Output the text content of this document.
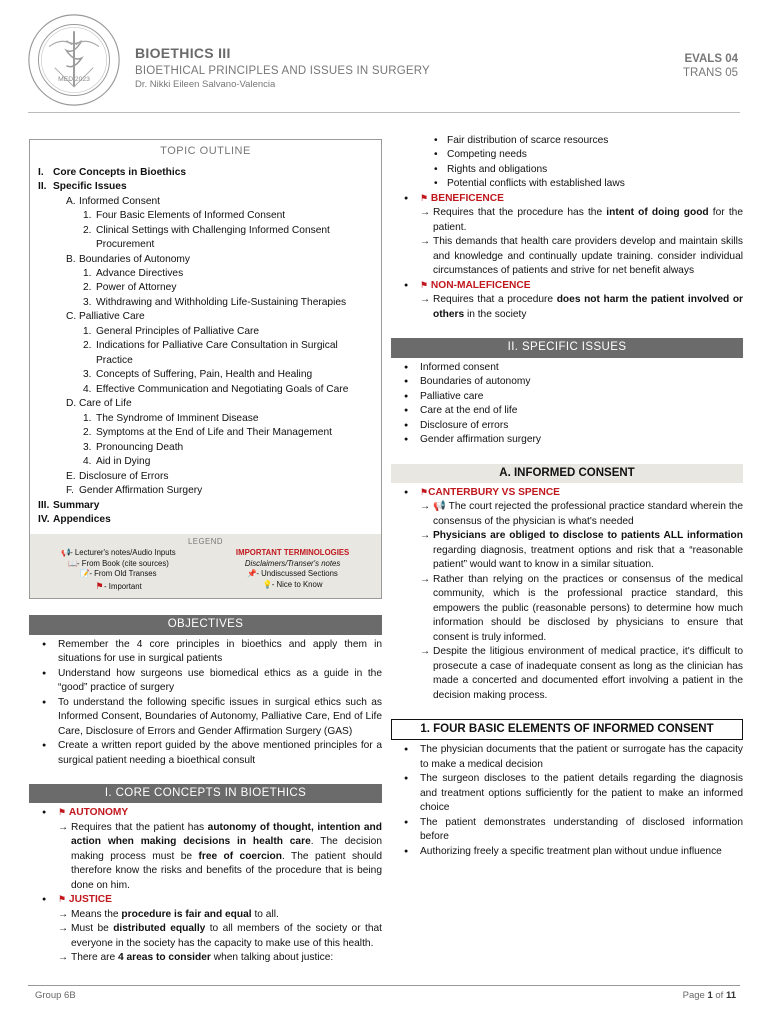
MED 2023
BIOETHICS III
BIOETHICAL PRINCIPLES AND ISSUES IN SURGERY
Dr. Nikki Eileen Salvano-Valencia
EVALS 04
TRANS 05
TOPIC OUTLINE
I. Core Concepts in Bioethics
II. Specific Issues
A. Informed Consent
1. Four Basic Elements of Informed Consent
2. Clinical Settings with Challenging Informed Consent Procurement
B. Boundaries of Autonomy
1. Advance Directives
2. Power of Attorney
3. Withdrawing and Withholding Life-Sustaining Therapies
C. Palliative Care
1. General Principles of Palliative Care
2. Indications for Palliative Care Consultation in Surgical Practice
3. Concepts of Suffering, Pain, Health and Healing
4. Effective Communication and Negotiating Goals of Care
D. Care of Life
1. The Syndrome of Imminent Disease
2. Symptoms at the End of Life and Their Management
3. Pronouncing Death
4. Aid in Dying
E. Disclosure of Errors
F. Gender Affirmation Surgery
III. Summary
IV. Appendices
LEGEND
📢- Lecturer's notes/Audio Inputs
📖- From Book (cite sources)
📝- From Old Transes
⚑- Important
IMPORTANT TERMINOLOGIES
Disclaimers/Transer's notes
📌- Undiscussed Sections
💡- Nice to Know
OBJECTIVES
● Remember the 4 core principles in bioethics and apply them in situations for use in surgical patients
● Understand how surgeons use biomedical ethics as a guide in the “good” practice of surgery
● To understand the following specific issues in surgical ethics such as Informed Consent, Boundaries of Autonomy, Palliative Care, End of Life Care, Disclosure of Errors and Gender Affirmation Surgery (GAS)
● Create a written report guided by the above mentioned principles for a surgical patient needing a bioethical consult
I. CORE CONCEPTS IN BIOETHICS
● ⚑ AUTONOMY
→ Requires that the patient has autonomy of thought, intention and action when making decisions in health care. The decision making process must be free of coercion. The patient should therefore know the risks and benefits of the procedure that is being done on him.
● ⚑ JUSTICE
→ Means the procedure is fair and equal to all.
→ Must be distributed equally to all members of the society or that everyone in the society has the capacity to make use of this health.
→ There are 4 areas to consider when talking about justice:
• Fair distribution of scarce resources
• Competing needs
• Rights and obligations
• Potential conflicts with established laws
● ⚑ BENEFICENCE
→ Requires that the procedure has the intent of doing good for the patient.
→ This demands that health care providers develop and maintain skills and knowledge and continually update training. consider individual circumstances of patients and strive for net benefit always
● ⚑ NON-MALEFICENCE
→ Requires that a procedure does not harm the patient involved or others in the society
II. SPECIFIC ISSUES
● Informed consent
● Boundaries of autonomy
● Palliative care
● Care at the end of life
● Disclosure of errors
● Gender affirmation surgery
A. INFORMED CONSENT
● ⚑CANTERBURY VS SPENCE
→ 📢 The court rejected the professional practice standard wherein the consensus of the physician is what's needed
→ Physicians are obliged to disclose to patients ALL information regarding diagnosis, treatment options and risk that a “reasonable patient” would want to know in a similar situation.
→ Rather than relying on the practices or consensus of the medical community, which is the professional practice standard, this empowers the public (reasonable persons) to determine how much information should be disclosed by physicians to ensure that consent is truly informed.
→ Despite the litigious environment of medical practice, it's difficult to prosecute a case of inadequate consent as long as the clinician has made a concerted and documented effort involving a patient in the decision making process.
1. FOUR BASIC ELEMENTS OF INFORMED CONSENT
● The physician documents that the patient or surrogate has the capacity to make a medical decision
● The surgeon discloses to the patient details regarding the diagnosis and treatment options sufficiently for the patient to make an informed choice
● The patient demonstrates understanding of disclosed information before
● Authorizing freely a specific treatment plan without undue influence
Group 6B	Page 1 of 11
